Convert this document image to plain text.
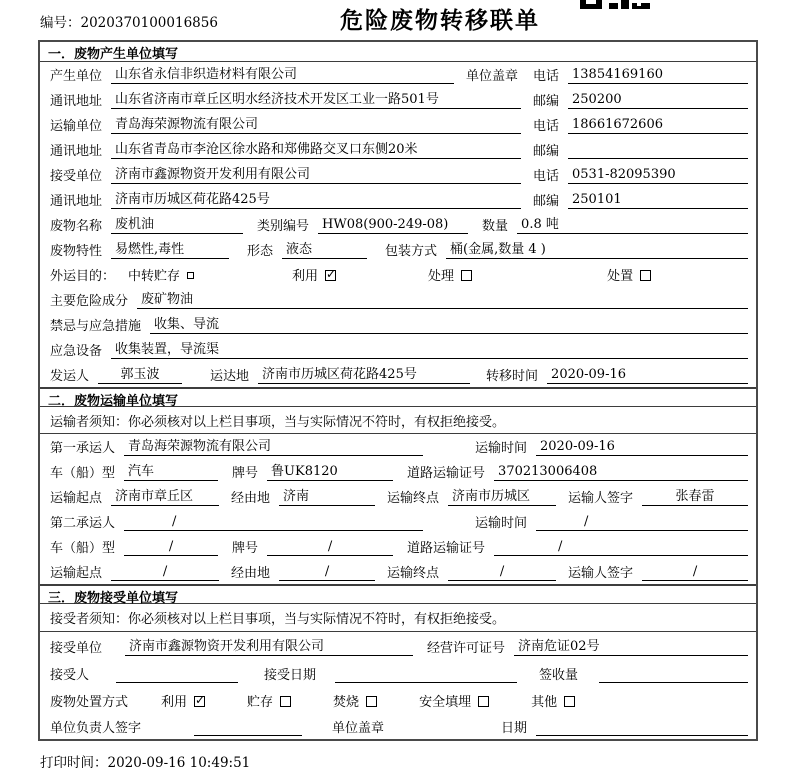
编号：2020370100016856	危险废物转移联单
一．废物产生单位填写
产生单位	山东省永信非织造材料有限公司	单位盖章 电话	13854169160
通讯地址	山东省济南市章丘区明水经济技术开发区工业一路501号	邮编	250200
运输单位	青岛海荣源物流有限公司	电话	18661672606
通讯地址	山东省青岛市李沧区徐水路和郑佛路交叉口东侧20米	邮编
接受单位	济南市鑫源物资开发利用有限公司	电话	0531-82095390
通讯地址	济南市历城区荷花路425号	邮编	250101
废物名称	废机油	类别编号	HW08(900-249-08)	数量	0.8 吨
废物特性	易燃性,毒性	形态	液态	包装方式	桶(金属,数量 4 )
外运目的： 中转贮存	利用 ✓	处理	处置
主要危险成分	废矿物油
禁忌与应急措施	收集、导流
应急设备	收集装置，导流渠
发运人	郭玉波	运达地	济南市历城区荷花路425号	转移时间	2020-09-16
二．废物运输单位填写
运输者须知：你必须核对以上栏目事项，当与实际情况不符时，有权拒绝接受。
第一承运人	青岛海荣源物流有限公司	运输时间	2020-09-16
车（船）型	汽车	牌号	鲁UK8120	道路运输证号	370213006408
运输起点	济南市章丘区	经由地	济南	运输终点	济南市历城区	运输人签字	张春雷
第二承运人	/	运输时间	/
车（船）型	/	牌号	/	道路运输证号	/
运输起点	/	经由地	/	运输终点	/	运输人签字	/
三．废物接受单位填写
接受者须知：你必须核对以上栏目事项，当与实际情况不符时，有权拒绝接受。
接受单位	济南市鑫源物资开发利用有限公司	经营许可证号	济南危证02号
接受人	接受日期	签收量
废物处置方式	利用 ✓	贮存	焚烧	安全填埋	其他
单位负责人签字	单位盖章	日期
打印时间：2020-09-16 10:49:51
